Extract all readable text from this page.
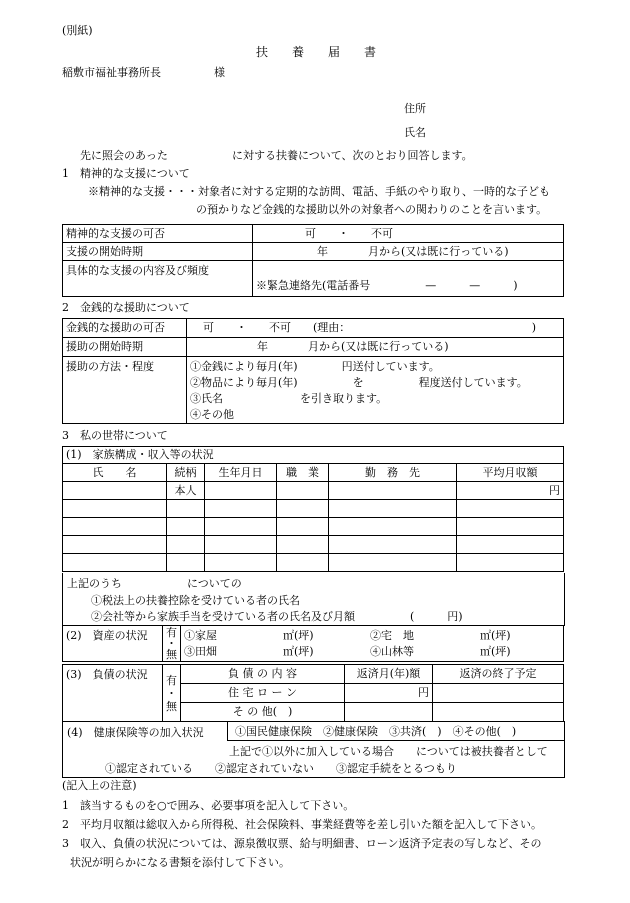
(別紙)
扶　　養　　届　　書
稲敷市福祉事務所長	様
住所
氏名
先に照会のあった	に対する扶養について、次のとおり回答します。
1　精神的な支援について
※精神的な支援・・・対象者に対する定期的な訪問、電話、手紙のやり取り、一時的な子ども
の預かりなど金銭的な援助以外の対象者への関わりのことを言います。
精神的な支援の可否	可　　・　　不可
支援の開始時期	年 月から(又は既に行っている)
具体的な支援の内容及び頻度	※緊急連絡先(電話番号　　　　　—　　　—　　　)
2　金銭的な援助について
金銭的な援助の可否	可　　・　　不可　　(理由：　　　　　　　　　　　　　　　　　)
援助の開始時期	年 月から(又は既に行っている)
援助の方法・程度	①金銭により毎月(年)　　　　円送付しています。
②物品により毎月(年)　　　　　を　　　　　程度送付しています。
③氏名　　　　　　　を引き取ります。
④その他
3　私の世帯について
(1)　家族構成・収入等の状況					
氏　　名	続柄	生年月日	職　業	勤　務　先	平均月収額
	本人				円

上記のうち	についての
①税法上の扶養控除を受けている者の氏名
②会社等から家族手当を受けている者の氏名及び月額　　　　　(　　　円)
(2)　資産の状況	有
・
無

①家屋　　　　　　㎡(坪)	②宅　地　　　　　　㎡(坪)
③田畑　　　　　　㎡(坪)	④山林等　　　　　　㎡(坪)
(3)　負債の状況	有
・
無	負 債 の 内 容	返済月(年)額	返済の終了予定
		住 宅 ロ ー ン	円	
		そ の 他(　)		
(4)　健康保険等の加入状況	①国民健康保険　②健康保険　③共済(　)　④その他(　)
上記で①以外に加入している場合　　については被扶養者として
①認定されている　　②認定されていない　　③認定手続をとるつもり
(記入上の注意)
1　該当するものを○で囲み、必要事項を記入して下さい。
2　平均月収額は総収入から所得税、社会保険料、事業経費等を差し引いた額を記入して下さい。
3　収入、負債の状況については、源泉徴収票、給与明細書、ローン返済予定表の写しなど、その
状況が明らかになる書類を添付して下さい。
